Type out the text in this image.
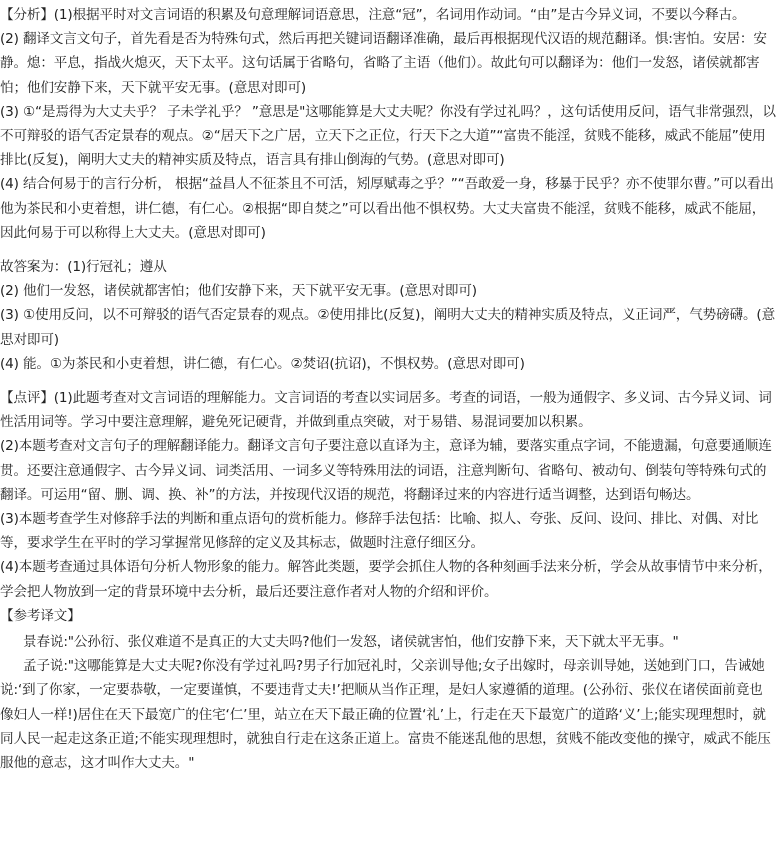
【分析】(1)根据平时对文言词语的积累及句意理解词语意思，注意“冠”，名词用作动词。“由”是古今异义词，不要以今释古。

(2) 翻译文言文句子，首先看是否为特殊句式，然后再把关键词语翻译准确，最后再根据现代汉语的规范翻译。惧:害怕。安居：安静。熄：平息，指战火熄灭，天下太平。这句话属于省略句，省略了主语（他们）。故此句可以翻译为：他们一发怒，诸侯就都害怕；他们安静下来，天下就平安无事。(意思对即可)

(3) ①“是焉得为大丈夫乎？ 子未学礼乎？ ”意思是"这哪能算是大丈夫呢？你没有学过礼吗？，这句话使用反问，语气非常强烈，以不可辩驳的语气否定景春的观点。②“居天下之广居，立天下之正位，行天下之大道”“富贵不能淫，贫贱不能移，威武不能屈”使用排比(反复)，阐明大丈夫的精神实质及特点，语言具有排山倒海的气势。(意思对即可)

(4) 结合何易于的言行分析， 根据“益昌人不征茶且不可活，矧厚赋毒之乎？”“吾敢爱一身，移暴于民乎？亦不使罪尔曹。”可以看出他为茶民和小吏着想，讲仁德，有仁心。②根据“即自焚之”可以看出他不惧权势。大丈夫富贵不能淫，贫贱不能移，威武不能屈，因此何易于可以称得上大丈夫。(意思对即可)

故答案为：(1)行冠礼；遵从

(2) 他们一发怒，诸侯就都害怕；他们安静下来，天下就平安无事。(意思对即可)

(3) ①使用反问，以不可辩驳的语气否定景春的观点。②使用排比(反复)，阐明大丈夫的精神实质及特点，义正词严，气势磅礴。(意思对即可)

(4) 能。①为茶民和小吏着想，讲仁德，有仁心。②焚诏(抗诏)，不惧权势。(意思对即可)

【点评】(1)此题考查对文言词语的理解能力。文言词语的考查以实词居多。考查的词语，一般为通假字、多义词、古今异义词、词性活用词等。学习中要注意理解，避免死记硬背，并做到重点突破，对于易错、易混词要加以积累。

(2)本题考查对文言句子的理解翻译能力。翻译文言句子要注意以直译为主，意译为辅，要落实重点字词，不能遗漏，句意要通顺连贯。还要注意通假字、古今异义词、词类活用、一词多义等特殊用法的词语，注意判断句、省略句、被动句、倒装句等特殊句式的翻译。可运用“留、删、调、换、补”的方法，并按现代汉语的规范，将翻译过来的内容进行适当调整，达到语句畅达。

(3)本题考查学生对修辞手法的判断和重点语句的赏析能力。修辞手法包括：比喻、拟人、夸张、反问、设问、排比、对偶、对比等，要求学生在平时的学习掌握常见修辞的定义及其标志，做题时注意仔细区分。

(4)本题考查通过具体语句分析人物形象的能力。解答此类题，要学会抓住人物的各种刻画手法来分析，学会从故事情节中来分析，学会把人物放到一定的背景环境中去分析，最后还要注意作者对人物的介绍和评价。

【参考译文】

景春说:"公孙衍、张仪难道不是真正的大丈夫吗?他们一发怒，诸侯就害怕，他们安静下来，天下就太平无事。"

孟子说:"这哪能算是大丈夫呢?你没有学过礼吗?男子行加冠礼时，父亲训导他;女子出嫁时，母亲训导她，送她到门口，告诫她说:‘到了你家，一定要恭敬，一定要谨慎，不要违背丈夫!’把顺从当作正理，是妇人家遵循的道理。(公孙衍、张仪在诸侯面前竟也像妇人一样!)居住在天下最宽广的住宅‘仁’里，站立在天下最正确的位置‘礼’上，行走在天下最宽广的道路‘义’上;能实现理想时，就同人民一起走这条正道;不能实现理想时，就独自行走在这条正道上。富贵不能迷乱他的思想，贫贱不能改变他的操守，威武不能压服他的意志，这才叫作大丈夫。"
